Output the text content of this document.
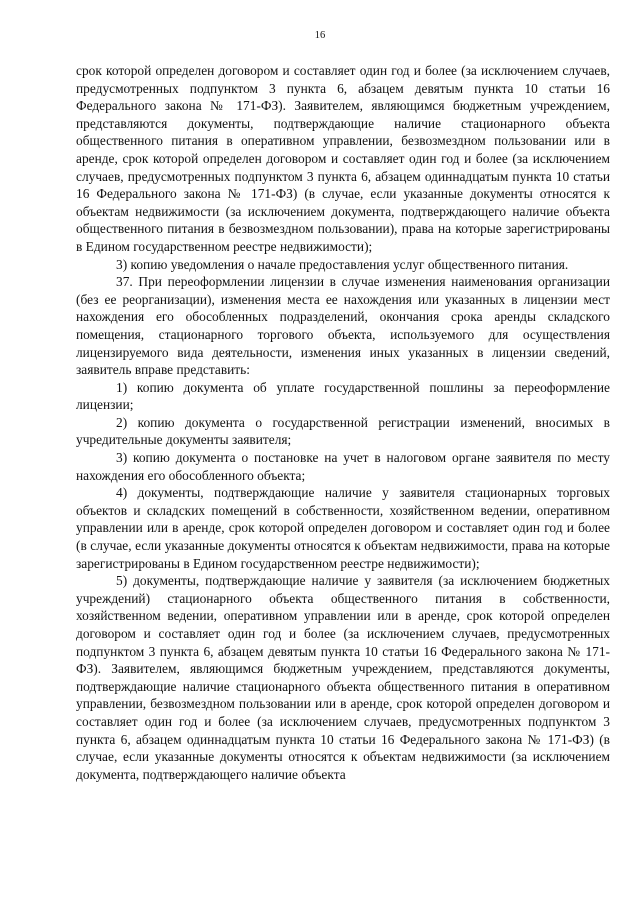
16

срок которой определен договором и составляет один год и более (за исключением случаев, предусмотренных подпунктом 3 пункта 6, абзацем девятым пункта 10 статьи 16 Федерального закона № 171-ФЗ). Заявителем, являющимся бюджетным учреждением, представляются документы, подтверждающие наличие стационарного объекта общественного питания в оперативном управлении, безвозмездном пользовании или в аренде, срок которой определен договором и составляет один год и более (за исключением случаев, предусмотренных подпунктом 3 пункта 6, абзацем одиннадцатым пункта 10 статьи 16 Федерального закона № 171-ФЗ) (в случае, если указанные документы относятся к объектам недвижимости (за исключением документа, подтверждающего наличие объекта общественного питания в безвозмездном пользовании), права на которые зарегистрированы в Едином государственном реестре недвижимости);

3) копию уведомления о начале предоставления услуг общественного питания.

37. При переоформлении лицензии в случае изменения наименования организации (без ее реорганизации), изменения места ее нахождения или указанных в лицензии мест нахождения его обособленных подразделений, окончания срока аренды складского помещения, стационарного торгового объекта, используемого для осуществления лицензируемого вида деятельности, изменения иных указанных в лицензии сведений, заявитель вправе представить:

1) копию документа об уплате государственной пошлины за переоформление лицензии;

2) копию документа о государственной регистрации изменений, вносимых в учредительные документы заявителя;

3) копию документа о постановке на учет в налоговом органе заявителя по месту нахождения его обособленного объекта;

4) документы, подтверждающие наличие у заявителя стационарных торговых объектов и складских помещений в собственности, хозяйственном ведении, оперативном управлении или в аренде, срок которой определен договором и составляет один год и более (в случае, если указанные документы относятся к объектам недвижимости, права на которые зарегистрированы в Едином государственном реестре недвижимости);

5) документы, подтверждающие наличие у заявителя (за исключением бюджетных учреждений) стационарного объекта общественного питания в собственности, хозяйственном ведении, оперативном управлении или в аренде, срок которой определен договором и составляет один год и более (за исключением случаев, предусмотренных подпунктом 3 пункта 6, абзацем девятым пункта 10 статьи 16 Федерального закона № 171-ФЗ). Заявителем, являющимся бюджетным учреждением, представляются документы, подтверждающие наличие стационарного объекта общественного питания в оперативном управлении, безвозмездном пользовании или в аренде, срок которой определен договором и составляет один год и более (за исключением случаев, предусмотренных подпунктом 3 пункта 6, абзацем одиннадцатым пункта 10 статьи 16 Федерального закона № 171-ФЗ) (в случае, если указанные документы относятся к объектам недвижимости (за исключением документа, подтверждающего наличие объекта
